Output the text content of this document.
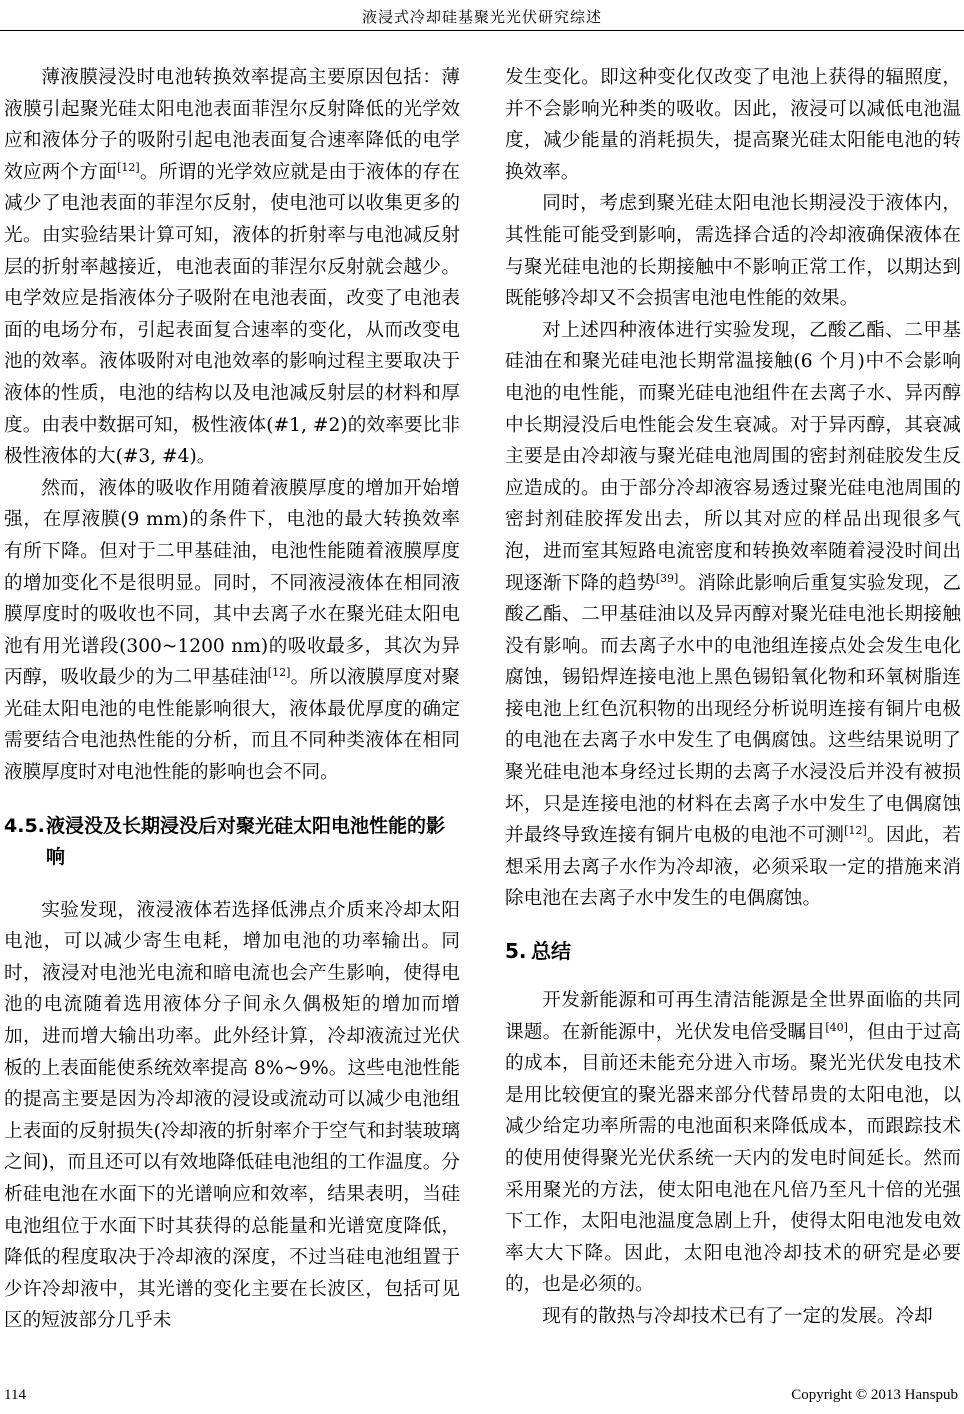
液浸式冷却硅基聚光光伏研究综述

薄液膜浸没时电池转换效率提高主要原因包括：薄液膜引起聚光硅太阳电池表面菲涅尔反射降低的光学效应和液体分子的吸附引起电池表面复合速率降低的电学效应两个方面[12]。所谓的光学效应就是由于液体的存在减少了电池表面的菲涅尔反射，使电池可以收集更多的光。由实验结果计算可知，液体的折射率与电池减反射层的折射率越接近，电池表面的菲涅尔反射就会越少。电学效应是指液体分子吸附在电池表面，改变了电池表面的电场分布，引起表面复合速率的变化，从而改变电池的效率。液体吸附对电池效率的影响过程主要取决于液体的性质，电池的结构以及电池减反射层的材料和厚度。由表中数据可知，极性液体(#1, #2)的效率要比非极性液体的大(#3, #4)。

然而，液体的吸收作用随着液膜厚度的增加开始增强，在厚液膜(9 mm)的条件下，电池的最大转换效率有所下降。但对于二甲基硅油，电池性能随着液膜厚度的增加变化不是很明显。同时，不同液浸液体在相同液膜厚度时的吸收也不同，其中去离子水在聚光硅太阳电池有用光谱段(300~1200 nm)的吸收最多，其次为异丙醇，吸收最少的为二甲基硅油[12]。所以液膜厚度对聚光硅太阳电池的电性能影响很大，液体最优厚度的确定需要结合电池热性能的分析，而且不同种类液体在相同液膜厚度时对电池性能的影响也会不同。

4.5. 液浸没及长期浸没后对聚光硅太阳电池性能的影响

实验发现，液浸液体若选择低沸点介质来冷却太阳电池，可以减少寄生电耗，增加电池的功率输出。同时，液浸对电池光电流和暗电流也会产生影响，使得电池的电流随着选用液体分子间永久偶极矩的增加而增加，进而增大输出功率。此外经计算，冷却液流过光伏板的上表面能使系统效率提高 8%~9%。这些电池性能的提高主要是因为冷却液的浸设或流动可以减少电池组上表面的反射损失(冷却液的折射率介于空气和封装玻璃之间)，而且还可以有效地降低硅电池组的工作温度。分析硅电池在水面下的光谱响应和效率，结果表明，当硅电池组位于水面下时其获得的总能量和光谱宽度降低，降低的程度取决于冷却液的深度，不过当硅电池组置于少许冷却液中，其光谱的变化主要在长波区，包括可见区的短波部分几乎未

发生变化。即这种变化仅改变了电池上获得的辐照度，并不会影响光种类的吸收。因此，液浸可以减低电池温度，减少能量的消耗损失，提高聚光硅太阳能电池的转换效率。

同时，考虑到聚光硅太阳电池长期浸没于液体内，其性能可能受到影响，需选择合适的冷却液确保液体在与聚光硅电池的长期接触中不影响正常工作，以期达到既能够冷却又不会损害电池电性能的效果。

对上述四种液体进行实验发现，乙酸乙酯、二甲基硅油在和聚光硅电池长期常温接触(6 个月)中不会影响电池的电性能，而聚光硅电池组件在去离子水、异丙醇中长期浸没后电性能会发生衰减。对于异丙醇，其衰减主要是由冷却液与聚光硅电池周围的密封剂硅胶发生反应造成的。由于部分冷却液容易透过聚光硅电池周围的密封剂硅胶挥发出去，所以其对应的样品出现很多气泡，进而室其短路电流密度和转换效率随着浸没时间出现逐渐下降的趋势[39]。消除此影响后重复实验发现，乙酸乙酯、二甲基硅油以及异丙醇对聚光硅电池长期接触没有影响。而去离子水中的电池组连接点处会发生电化腐蚀，锡铅焊连接电池上黑色锡铅氧化物和环氧树脂连接电池上红色沉积物的出现经分析说明连接有铜片电极的电池在去离子水中发生了电偶腐蚀。这些结果说明了聚光硅电池本身经过长期的去离子水浸没后并没有被损坏，只是连接电池的材料在去离子水中发生了电偶腐蚀并最终导致连接有铜片电极的电池不可测[12]。因此，若想采用去离子水作为冷却液，必须采取一定的措施来消除电池在去离子水中发生的电偶腐蚀。

5. 总结

开发新能源和可再生清洁能源是全世界面临的共同课题。在新能源中，光伏发电倍受瞩目[40]，但由于过高的成本，目前还未能充分进入市场。聚光光伏发电技术是用比较便宜的聚光器来部分代替昂贵的太阳电池，以减少给定功率所需的电池面积来降低成本，而跟踪技术的使用使得聚光光伏系统一天内的发电时间延长。然而采用聚光的方法，使太阳电池在凡倍乃至凡十倍的光强下工作，太阳电池温度急剧上升，使得太阳电池发电效率大大下降。因此，太阳电池冷却技术的研究是必要的，也是必须的。

现有的散热与冷却技术已有了一定的发展。冷却

114	Copyright © 2013 Hanspub
